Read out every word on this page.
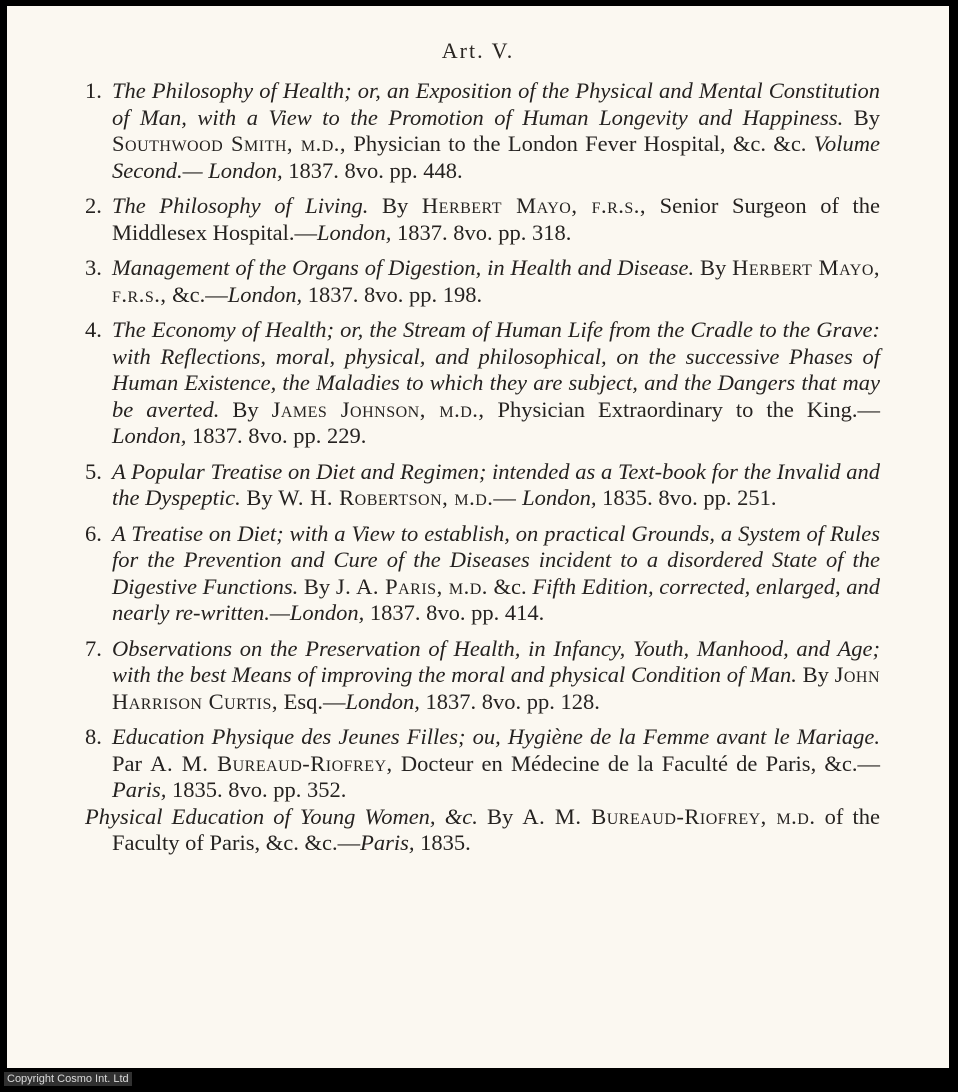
Art. V.
1. The Philosophy of Health; or, an Exposition of the Physical and Mental Constitution of Man, with a View to the Promotion of Human Longevity and Happiness. By Southwood Smith, m.d., Physician to the London Fever Hospital, &c. &c. Volume Second.— London, 1837. 8vo. pp. 448.
2. The Philosophy of Living. By Herbert Mayo, f.r.s., Senior Surgeon of the Middlesex Hospital.—London, 1837. 8vo. pp. 318.
3. Management of the Organs of Digestion, in Health and Disease. By Herbert Mayo, f.r.s., &c.—London, 1837. 8vo. pp. 198.
4. The Economy of Health; or, the Stream of Human Life from the Cradle to the Grave: with Reflections, moral, physical, and philosophical, on the successive Phases of Human Existence, the Maladies to which they are subject, and the Dangers that may be averted. By James Johnson, m.d., Physician Extraordinary to the King.—London, 1837. 8vo. pp. 229.
5. A Popular Treatise on Diet and Regimen; intended as a Text-book for the Invalid and the Dyspeptic. By W. H. Robertson, m.d.— London, 1835. 8vo. pp. 251.
6. A Treatise on Diet; with a View to establish, on practical Grounds, a System of Rules for the Prevention and Cure of the Diseases incident to a disordered State of the Digestive Functions. By J. A. Paris, m.d. &c. Fifth Edition, corrected, enlarged, and nearly re-written.—London, 1837. 8vo. pp. 414.
7. Observations on the Preservation of Health, in Infancy, Youth, Manhood, and Age; with the best Means of improving the moral and physical Condition of Man. By John Harrison Curtis, Esq.—London, 1837. 8vo. pp. 128.
8. Education Physique des Jeunes Filles; ou, Hygiène de la Femme avant le Mariage. Par A. M. Bureaud-Riofrey, Docteur en Médecine de la Faculté de Paris, &c.—Paris, 1835. 8vo. pp. 352.
Physical Education of Young Women, &c. By A. M. Bureaud-Riofrey, m.d. of the Faculty of Paris, &c. &c.—Paris, 1835.
Copyright Cosmo Int. Ltd
